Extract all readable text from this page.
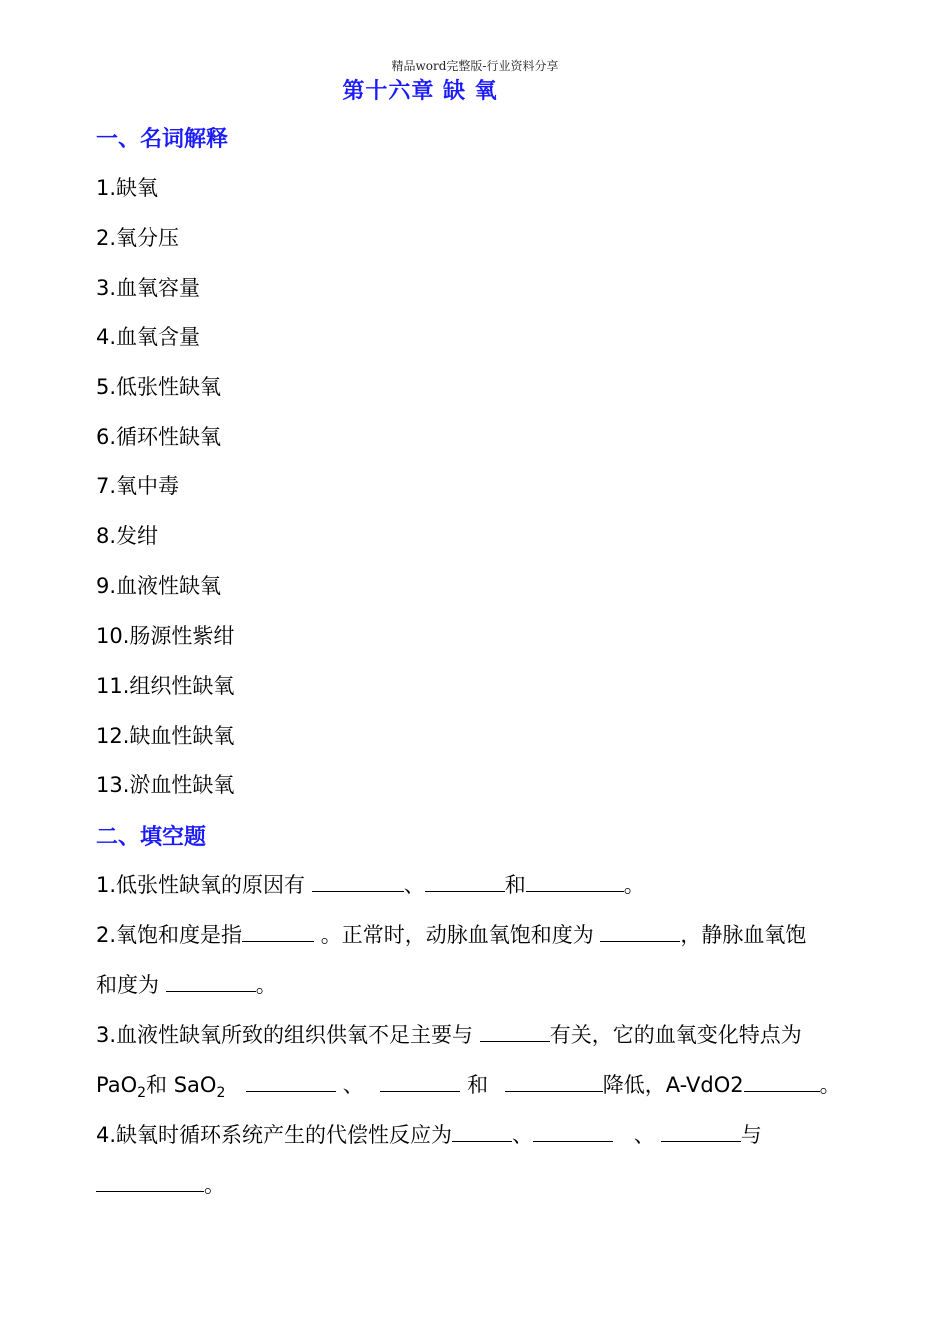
精品word完整版-行业资料分享
第十六章 缺 氧
一、名词解释
1.缺氧
2.氧分压
3.血氧容量
4.血氧含量
5.低张性缺氧
6.循环性缺氧
7.氧中毒
8.发绀
9.血液性缺氧
10.肠源性紫绀
11.组织性缺氧
12.缺血性缺氧
13.淤血性缺氧
二、填空题
1.低张性缺氧的原因有	、	和	。
2.氧饱和度是指	。正常时，动脉血氧饱和度为	，静脉血氧饱
和度为	。
3.血液性缺氧所致的组织供氧不足主要与	有关，它的血氧变化特点为
PaO$_2$和 SaO$_2$	、	和	降低，A-VdO2	。
4.缺氧时循环系统产生的代偿性反应为	、	、	与
。
